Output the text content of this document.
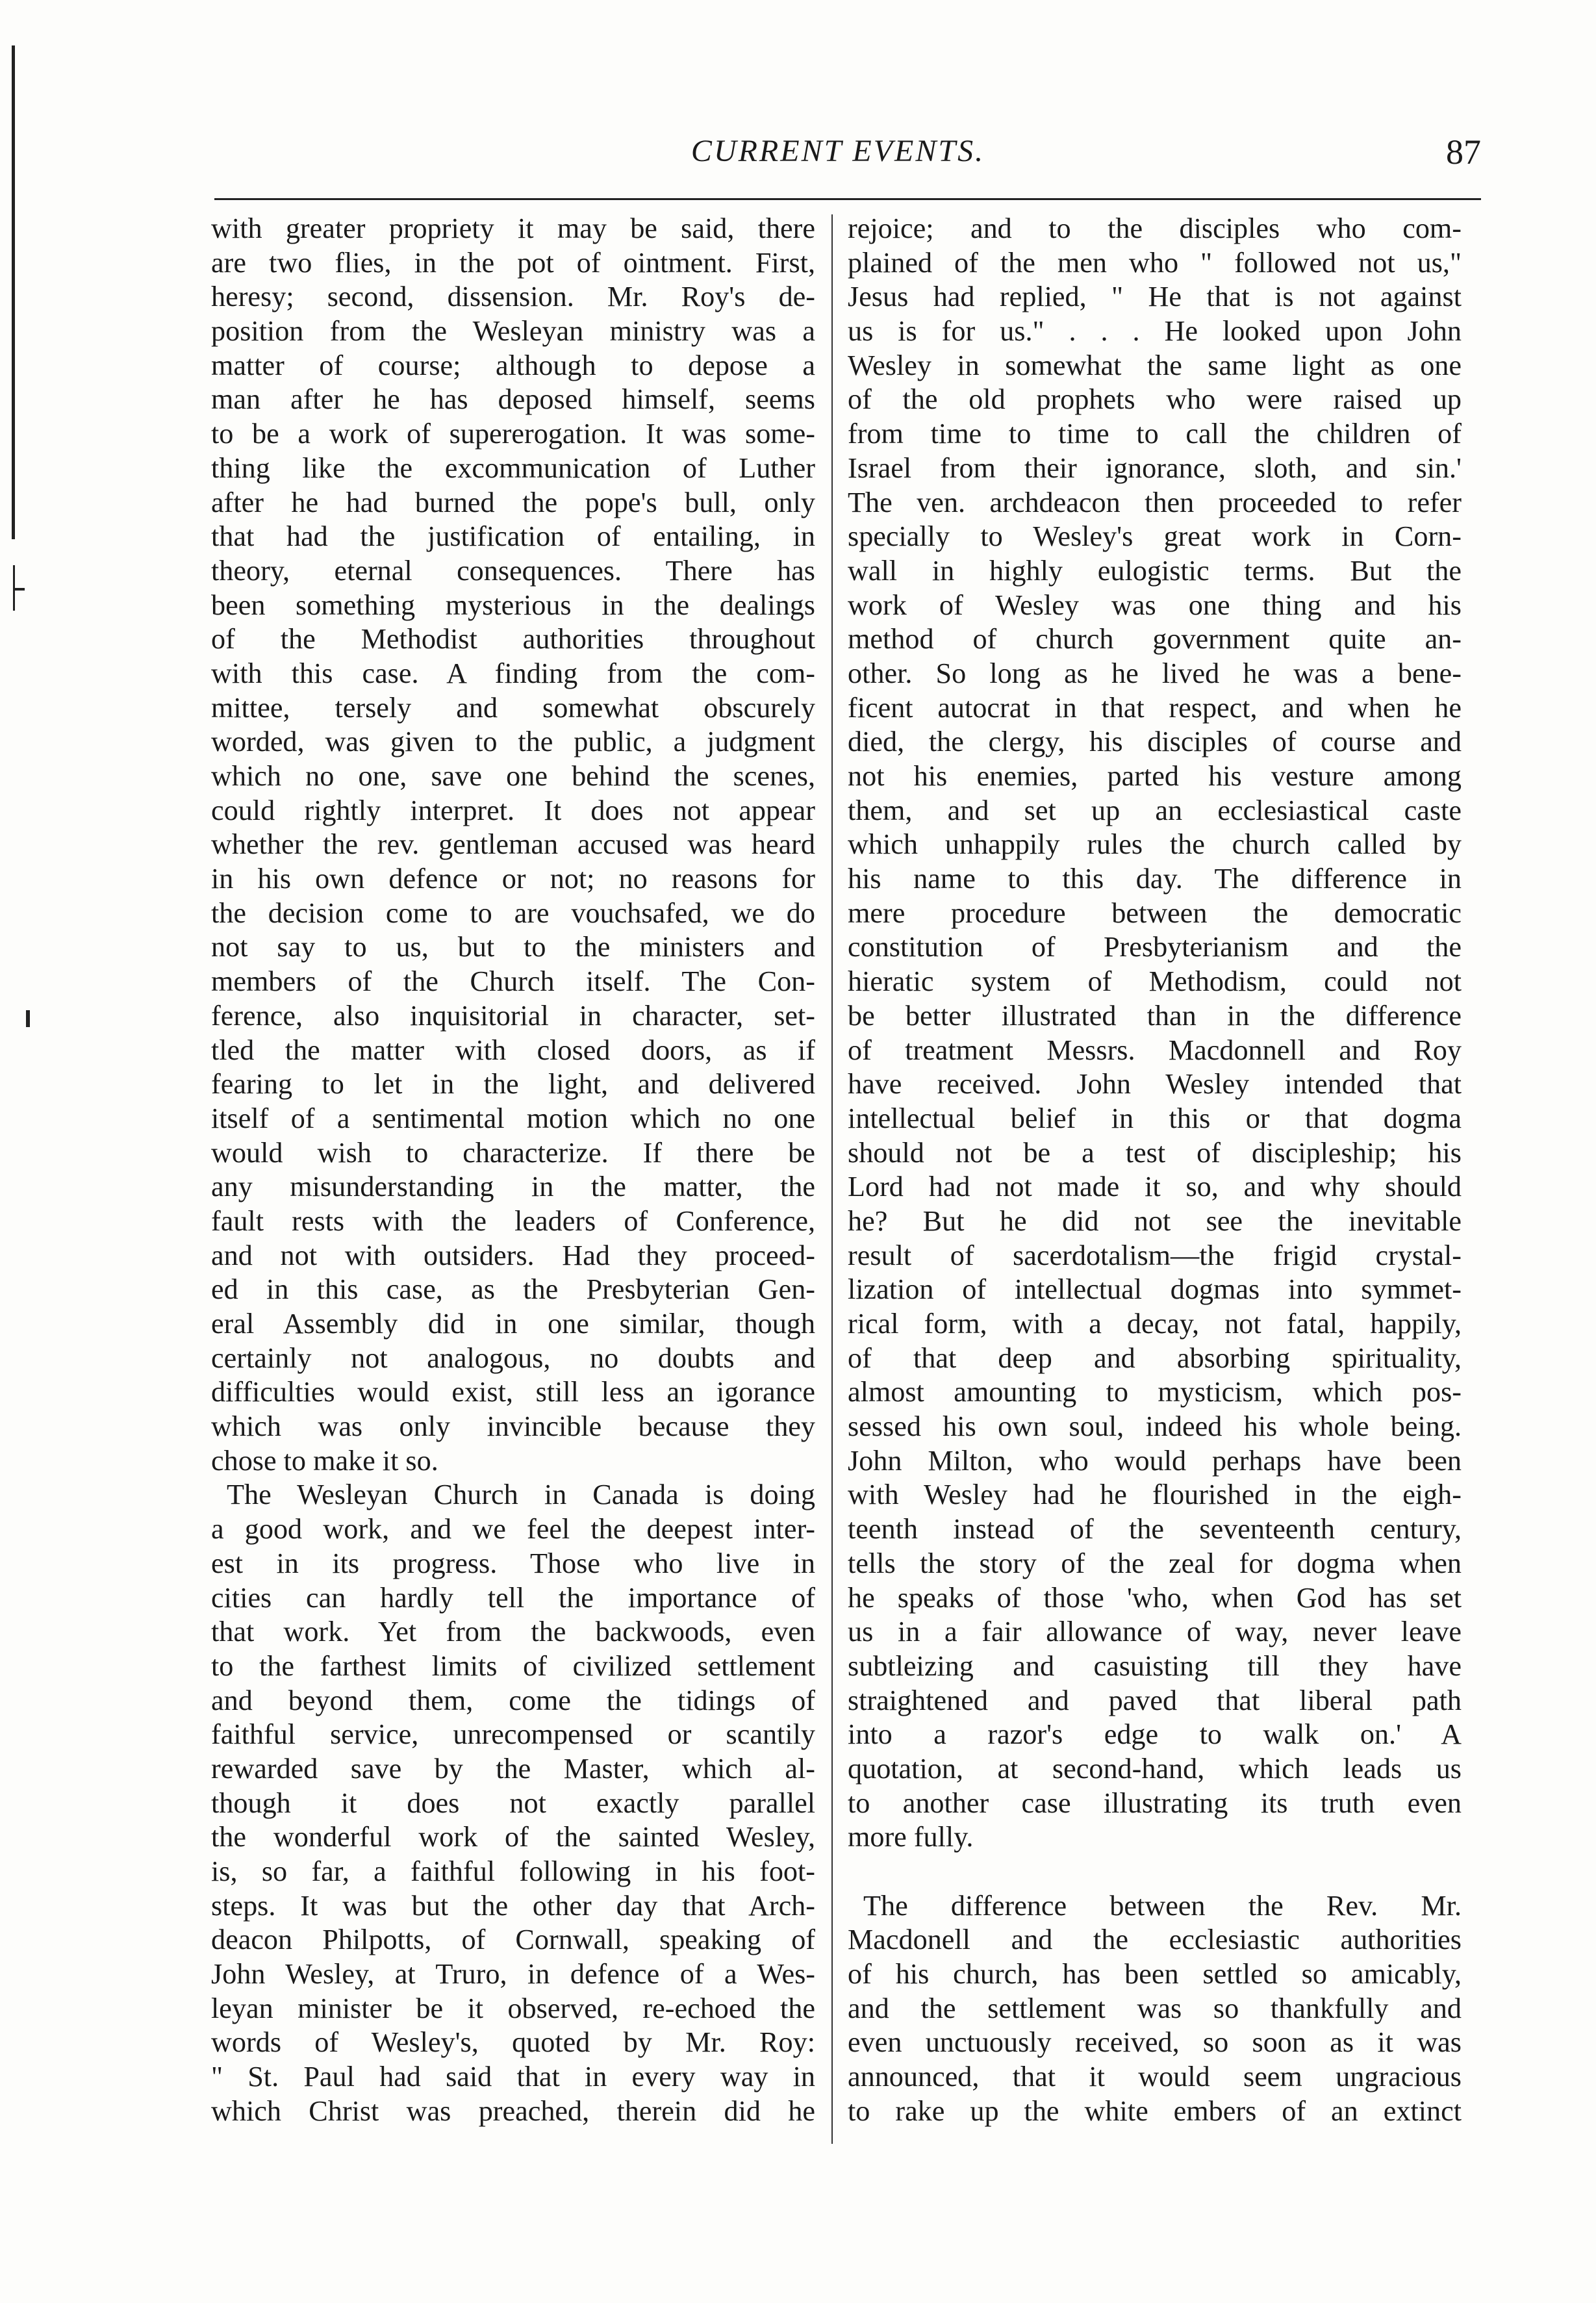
CURRENT EVENTS.	87
with greater propriety it may be said, there
are two flies, in the pot of ointment. First,
heresy; second, dissension. Mr. Roy's de-
position from the Wesleyan ministry was a
matter of course; although to depose a
man after he has deposed himself, seems
to be a work of supererogation. It was some-
thing like the excommunication of Luther
after he had burned the pope's bull, only
that had the justification of entailing, in
theory, eternal consequences. There has
been something mysterious in the dealings
of the Methodist authorities throughout
with this case. A finding from the com-
mittee, tersely and somewhat obscurely
worded, was given to the public, a judgment
which no one, save one behind the scenes,
could rightly interpret. It does not appear
whether the rev. gentleman accused was heard
in his own defence or not; no reasons for
the decision come to are vouchsafed, we do
not say to us, but to the ministers and
members of the Church itself. The Con-
ference, also inquisitorial in character, set-
tled the matter with closed doors, as if
fearing to let in the light, and delivered
itself of a sentimental motion which no one
would wish to characterize. If there be
any misunderstanding in the matter, the
fault rests with the leaders of Conference,
and not with outsiders. Had they proceed-
ed in this case, as the Presbyterian Gen-
eral Assembly did in one similar, though
certainly not analogous, no doubts and
difficulties would exist, still less an igorance
which was only invincible because they
chose to make it so.
The Wesleyan Church in Canada is doing
a good work, and we feel the deepest inter-
est in its progress. Those who live in
cities can hardly tell the importance of
that work. Yet from the backwoods, even
to the farthest limits of civilized settlement
and beyond them, come the tidings of
faithful service, unrecompensed or scantily
rewarded save by the Master, which al-
though it does not exactly parallel
the wonderful work of the sainted Wesley,
is, so far, a faithful following in his foot-
steps. It was but the other day that Arch-
deacon Philpotts, of Cornwall, speaking of
John Wesley, at Truro, in defence of a Wes-
leyan minister be it observed, re-echoed the
words of Wesley's, quoted by Mr. Roy:
" St. Paul had said that in every way in
which Christ was preached, therein did he
rejoice; and to the disciples who com-
plained of the men who " followed not us,"
Jesus had replied, " He that is not against
us is for us." . . . He looked upon John
Wesley in somewhat the same light as one
of the old prophets who were raised up
from time to time to call the children of
Israel from their ignorance, sloth, and sin.'
The ven. archdeacon then proceeded to refer
specially to Wesley's great work in Corn-
wall in highly eulogistic terms. But the
work of Wesley was one thing and his
method of church government quite an-
other. So long as he lived he was a bene-
ficent autocrat in that respect, and when he
died, the clergy, his disciples of course and
not his enemies, parted his vesture among
them, and set up an ecclesiastical caste
which unhappily rules the church called by
his name to this day. The difference in
mere procedure between the democratic
constitution of Presbyterianism and the
hieratic system of Methodism, could not
be better illustrated than in the difference
of treatment Messrs. Macdonnell and Roy
have received. John Wesley intended that
intellectual belief in this or that dogma
should not be a test of discipleship; his
Lord had not made it so, and why should
he? But he did not see the inevitable
result of sacerdotalism—the frigid crystal-
lization of intellectual dogmas into symmet-
rical form, with a decay, not fatal, happily,
of that deep and absorbing spirituality,
almost amounting to mysticism, which pos-
sessed his own soul, indeed his whole being.
John Milton, who would perhaps have been
with Wesley had he flourished in the eigh-
teenth instead of the seventeenth century,
tells the story of the zeal for dogma when
he speaks of those 'who, when God has set
us in a fair allowance of way, never leave
subtleizing and casuisting till they have
straightened and paved that liberal path
into a razor's edge to walk on.' A
quotation, at second-hand, which leads us
to another case illustrating its truth even
more fully.
The difference between the Rev. Mr.
Macdonell and the ecclesiastic authorities
of his church, has been settled so amicably,
and the settlement was so thankfully and
even unctuously received, so soon as it was
announced, that it would seem ungracious
to rake up the white embers of an extinct
